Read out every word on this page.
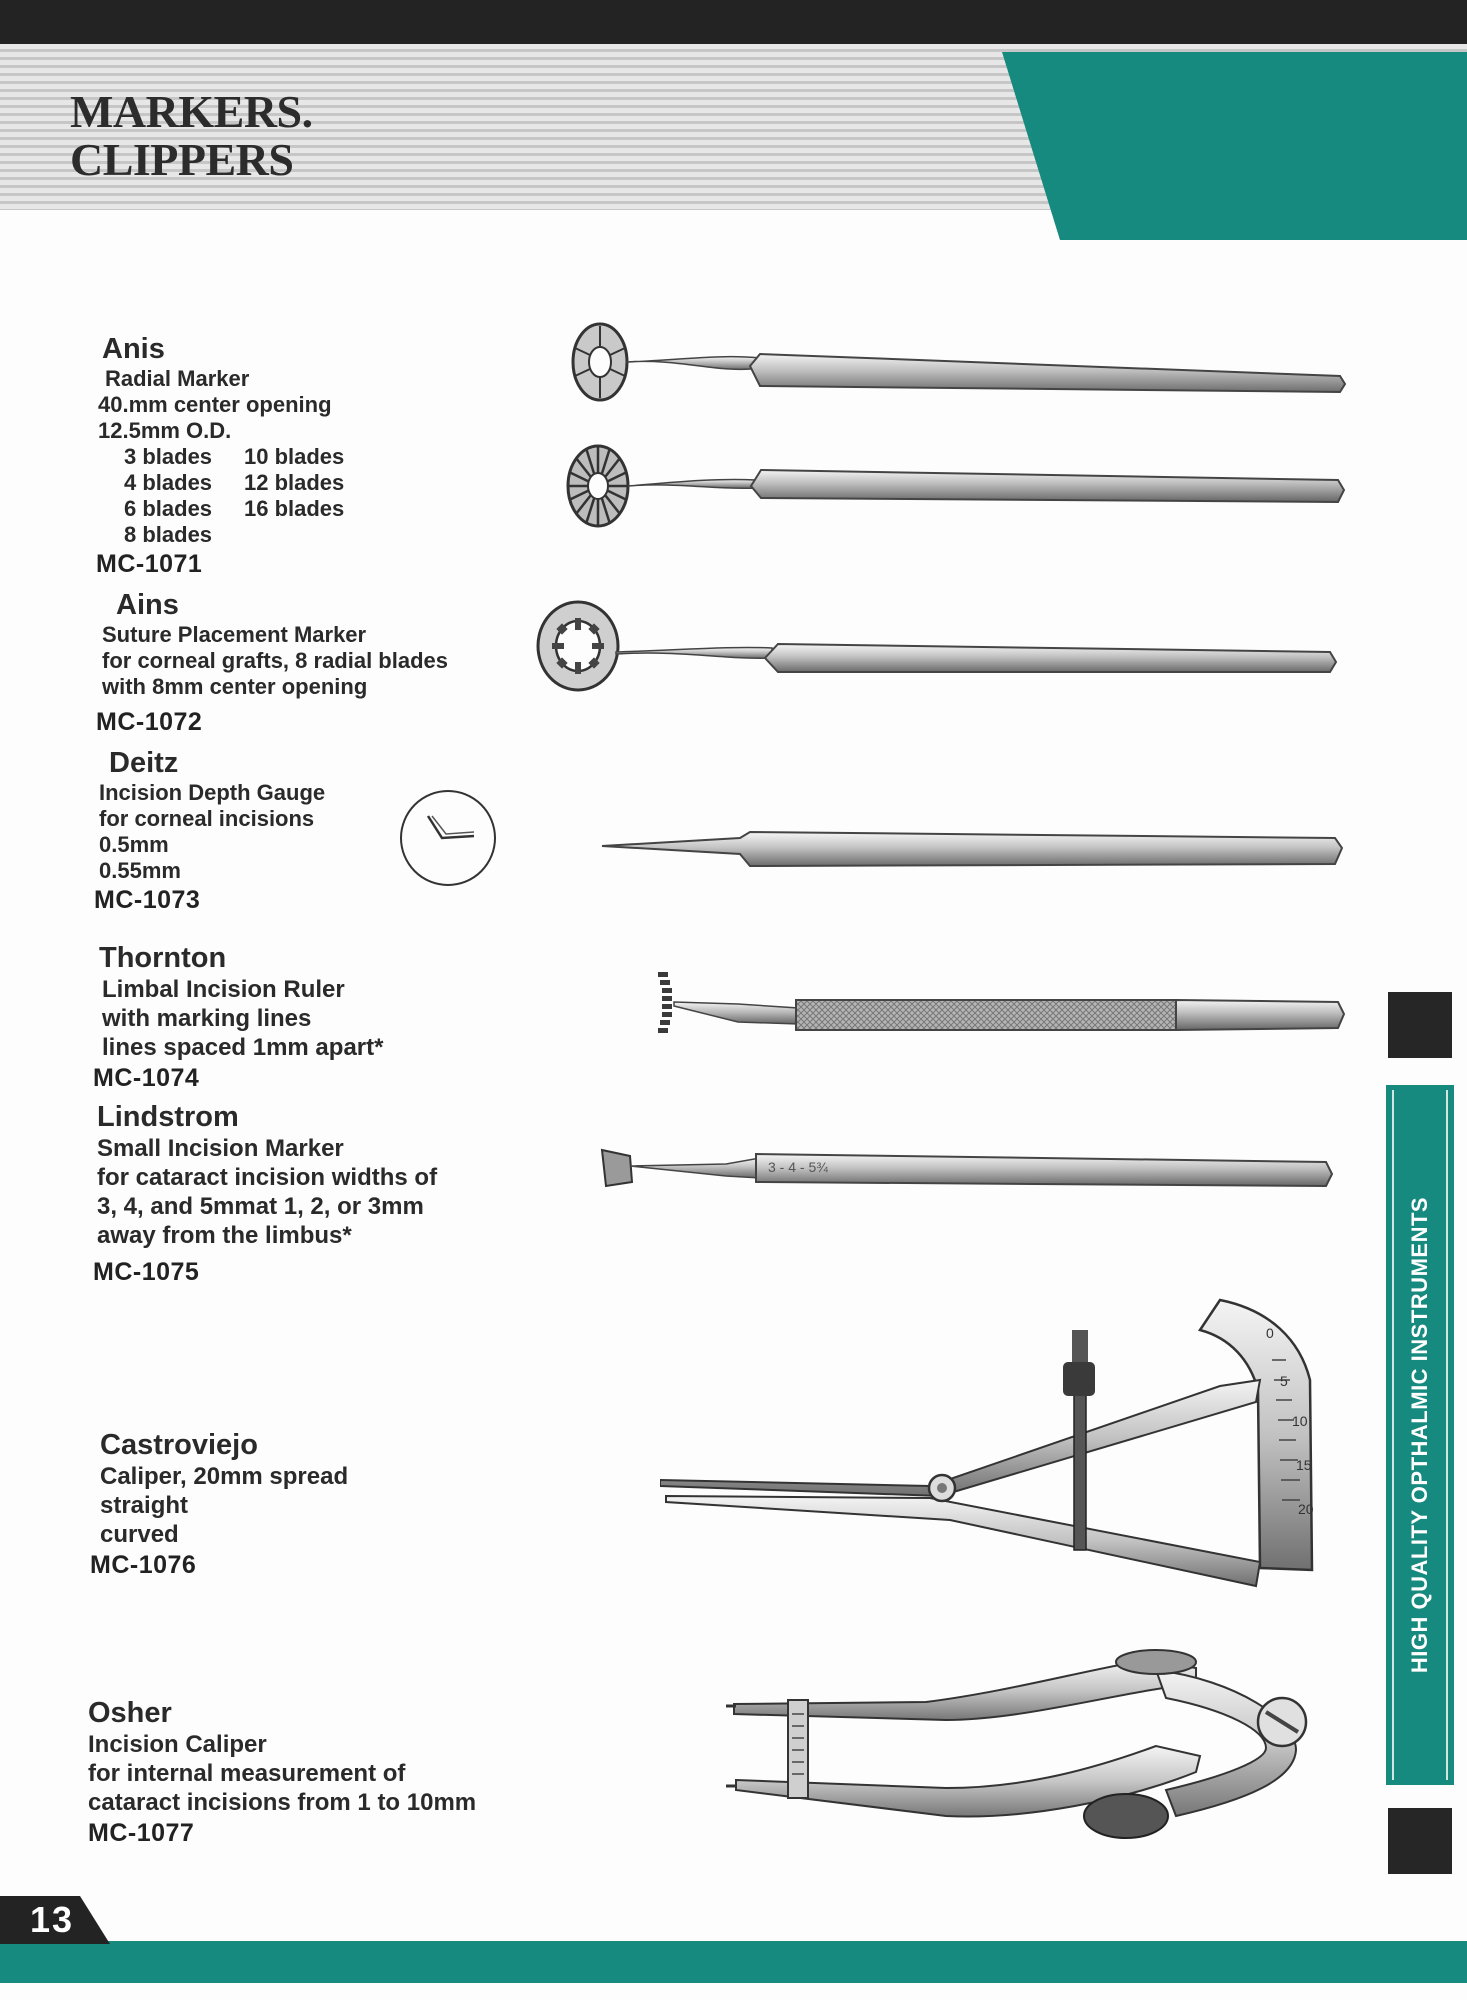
MARKERS.
CLIPPERS
Anis
Radial Marker
40.mm center opening
12.5mm O.D.
3 blades	10 blades
4 blades	12 blades
6 blades	16 blades
8 blades
MC-1071
Ains
Suture Placement Marker
for corneal grafts, 8 radial blades
with 8mm center opening
MC-1072
Deitz
Incision Depth Gauge
for corneal incisions
0.5mm
0.55mm
MC-1073
Thornton
Limbal Incision Ruler
with marking lines
lines spaced 1mm apart*
MC-1074
Lindstrom
Small Incision Marker
for cataract incision widths of
3, 4, and 5mmat 1, 2, or 3mm
away from the limbus*
MC-1075
Castroviejo
Caliper, 20mm spread
straight
curved
MC-1076
Osher
Incision Caliper
for internal measurement of
cataract incisions from 1 to 10mm
MC-1077
3 - 4 - 5¾
0
5
10
15
20	HIGH QUALITY OPTHALMIC INSTRUMENTS
13
